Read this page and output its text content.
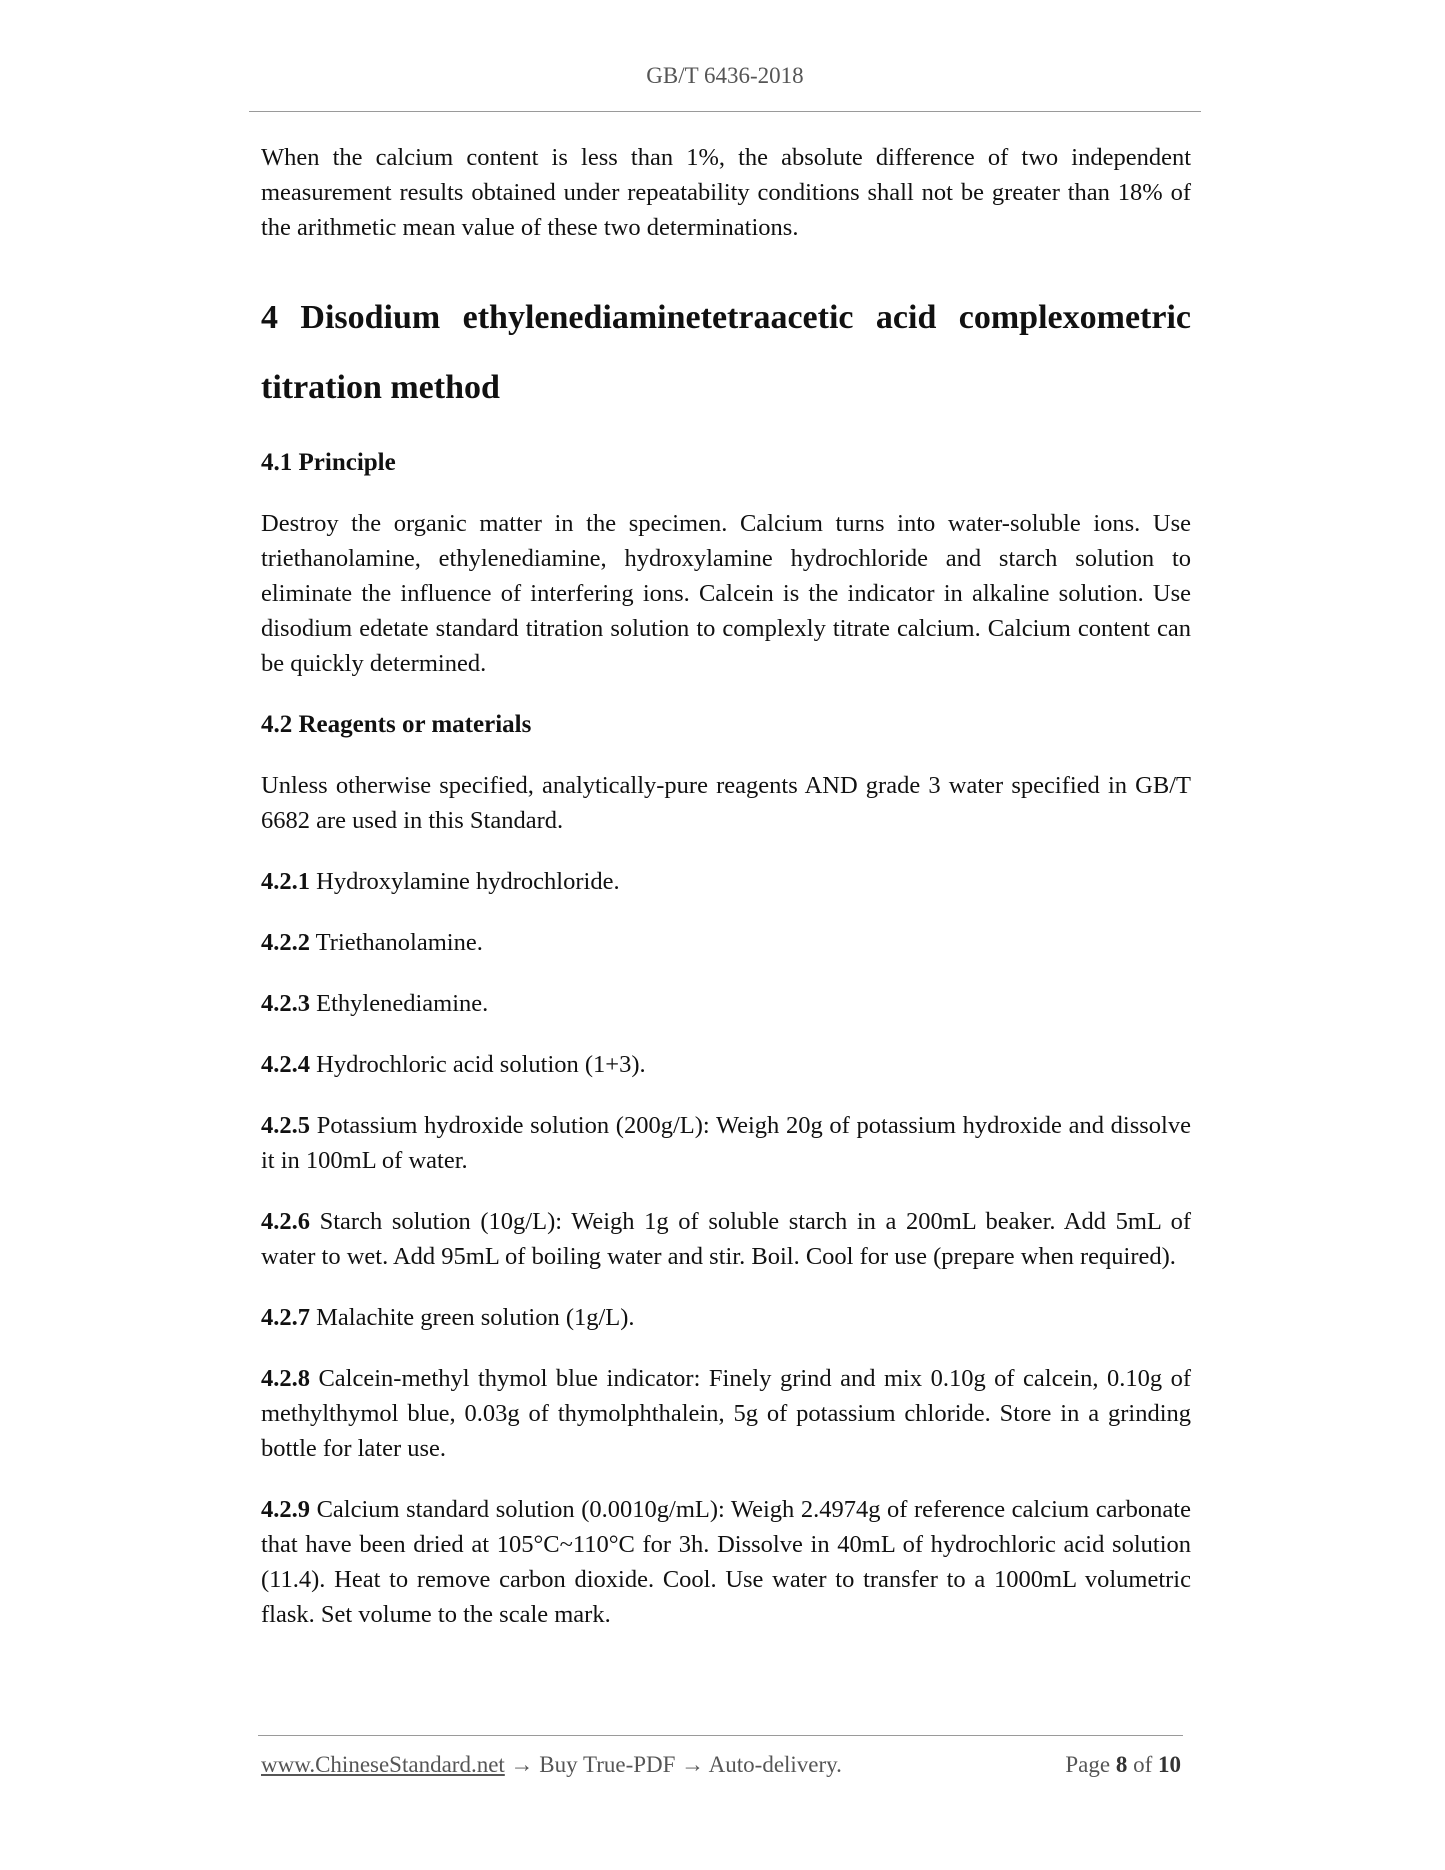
GB/T 6436-2018

When the calcium content is less than 1%, the absolute difference of two independent measurement results obtained under repeatability conditions shall not be greater than 18% of the arithmetic mean value of these two determinations.

4 Disodium ethylenediaminetetraacetic acid complexometric titration method
4.1 Principle

Destroy the organic matter in the specimen. Calcium turns into water-soluble ions. Use triethanolamine, ethylenediamine, hydroxylamine hydrochloride and starch solution to eliminate the influence of interfering ions. Calcein is the indicator in alkaline solution. Use disodium edetate standard titration solution to complexly titrate calcium. Calcium content can be quickly determined.

4.2 Reagents or materials

Unless otherwise specified, analytically-pure reagents AND grade 3 water specified in GB/T 6682 are used in this Standard.

4.2.1 Hydroxylamine hydrochloride.

4.2.2 Triethanolamine.

4.2.3 Ethylenediamine.

4.2.4 Hydrochloric acid solution (1+3).

4.2.5 Potassium hydroxide solution (200g/L): Weigh 20g of potassium hydroxide and dissolve it in 100mL of water.

4.2.6 Starch solution (10g/L): Weigh 1g of soluble starch in a 200mL beaker. Add 5mL of water to wet. Add 95mL of boiling water and stir. Boil. Cool for use (prepare when required).

4.2.7 Malachite green solution (1g/L).

4.2.8 Calcein-methyl thymol blue indicator: Finely grind and mix 0.10g of calcein, 0.10g of methylthymol blue, 0.03g of thymolphthalein, 5g of potassium chloride. Store in a grinding bottle for later use.

4.2.9 Calcium standard solution (0.0010g/mL): Weigh 2.4974g of reference calcium carbonate that have been dried at 105°C~110°C for 3h. Dissolve in 40mL of hydrochloric acid solution (11.4). Heat to remove carbon dioxide. Cool. Use water to transfer to a 1000mL volumetric flask. Set volume to the scale mark.

www.ChineseStandard.net → Buy True-PDF → Auto-delivery.	Page 8 of 10
